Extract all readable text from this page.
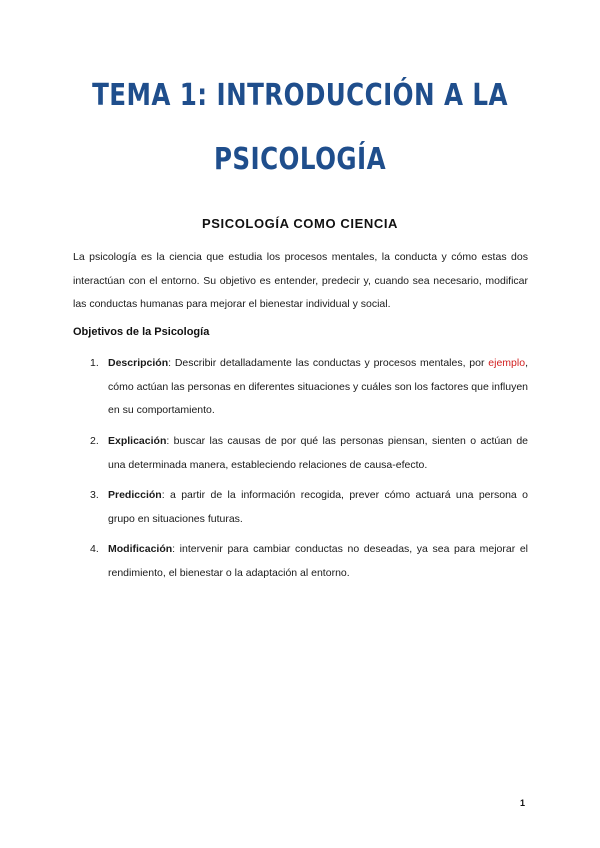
TEMA 1: INTRODUCCIÓN A LA
PSICOLOGÍA
PSICOLOGÍA COMO CIENCIA

La psicología es la ciencia que estudia los procesos mentales, la conducta y cómo estas dos interactúan con el entorno. Su objetivo es entender, predecir y, cuando sea necesario, modificar las conductas humanas para mejorar el bienestar individual y social.

Objetivos de la Psicología
1. Descripción: Describir detalladamente las conductas y procesos mentales, por ejemplo, cómo actúan las personas en diferentes situaciones y cuáles son los factores que influyen en su comportamiento.
2. Explicación: buscar las causas de por qué las personas piensan, sienten o actúan de una determinada manera, estableciendo relaciones de causa-efecto.
3. Predicción: a partir de la información recogida, prever cómo actuará una persona o grupo en situaciones futuras.
4. Modificación: intervenir para cambiar conductas no deseadas, ya sea para mejorar el rendimiento, el bienestar o la adaptación al entorno.
1
